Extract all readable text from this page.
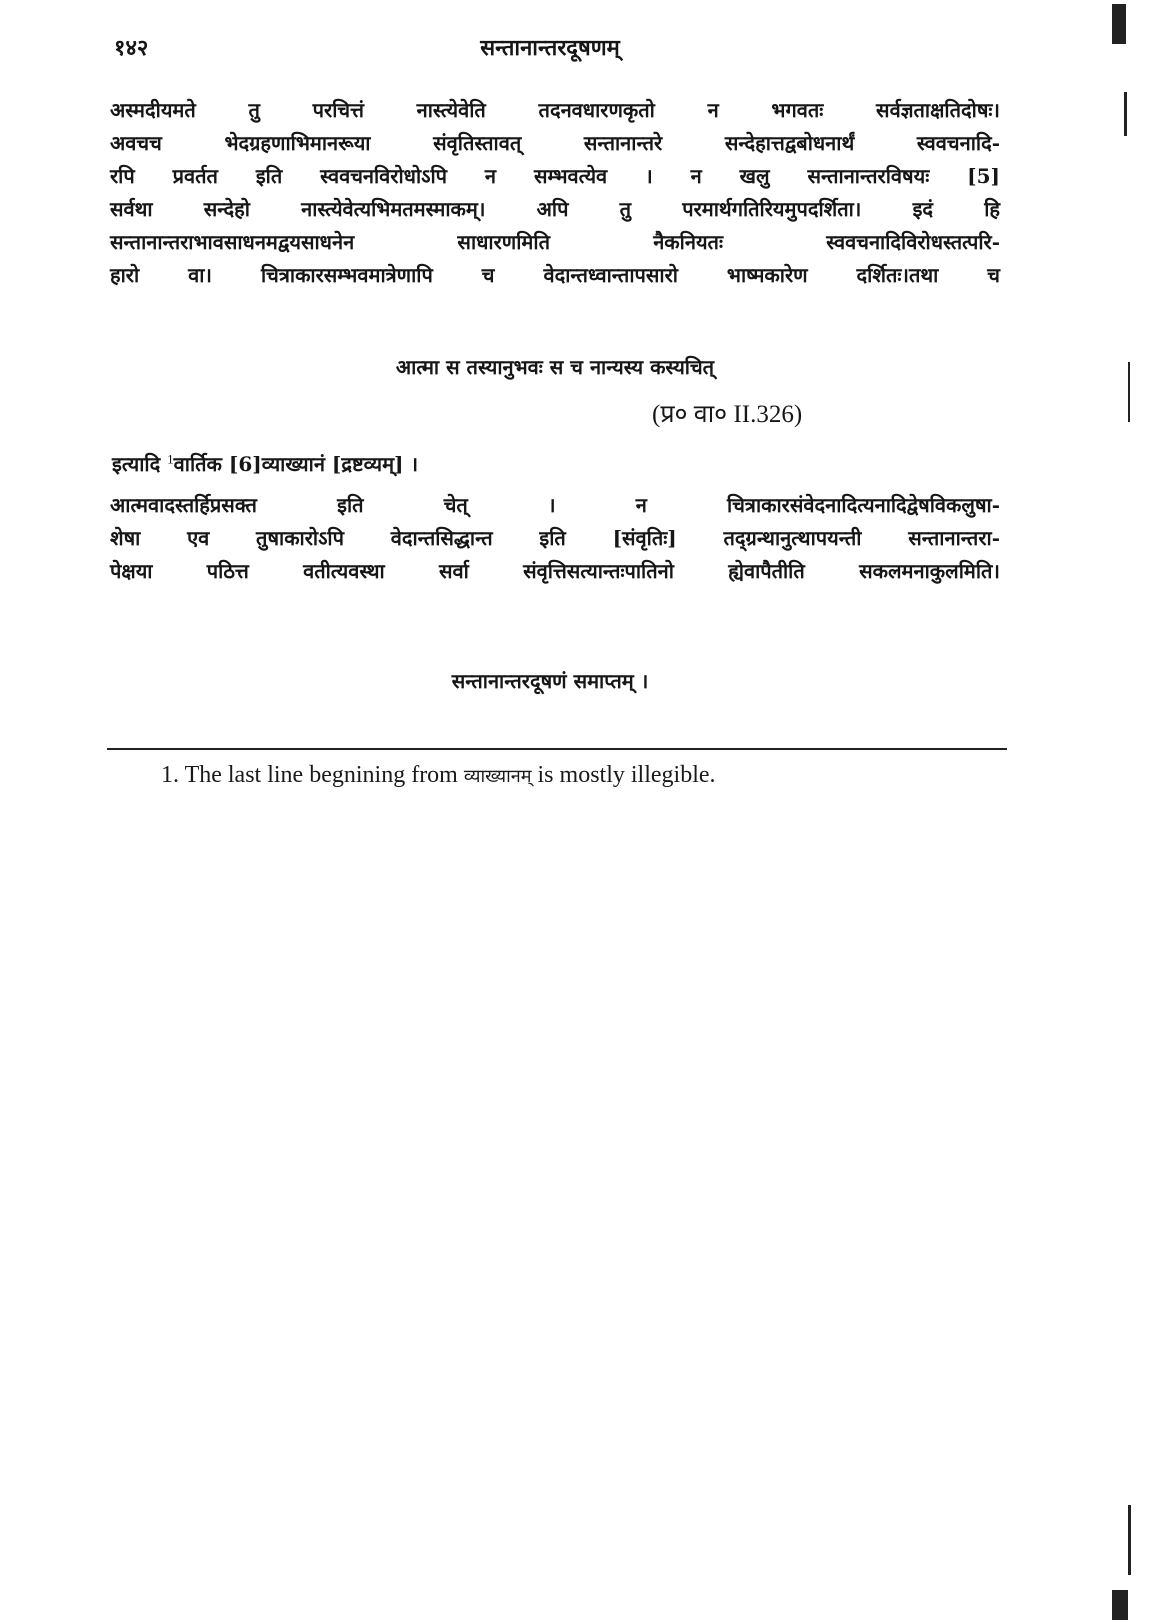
१४२	सन्तानान्तरदूषणम्
अस्मदीयमते तु परचित्तं नास्त्येवेति तदनवधारणकृतो न भगवतः सर्वज्ञताक्षतिदोषः।
अवचच भेदग्रहणाभिमानरूया संवृतिस्तावत् सन्तानान्तरे सन्देहात्तद्वबोधनार्थं स्ववचनादि-
रपि प्रवर्तत इति स्ववचनविरोधोऽपि न सम्भवत्येव । न खलु सन्तानान्तरविषयः [5]
सर्वथा सन्देहो नास्त्येवेत्यभिमतमस्माकम्। अपि तु परमार्थगतिरियमुपदर्शिता। इदं हि
सन्तानान्तराभावसाधनमद्वयसाधनेन साधारणमिति नैकनियतः स्ववचनादिविरोधस्तत्परि-
हारो वा। चित्राकारसम्भवमात्रेणापि च वेदान्तध्वान्तापसारो भाष्मकारेण दर्शितः।तथा च
आत्मा स तस्यानुभवः स च नान्यस्य कस्यचित्
(प्र० वा० II.326)
इत्यादि $^1$वार्तिक [6]व्याख्यानं [द्रष्टव्यम्] ।
आत्मवादस्तर्हिप्रसक्त इति चेत् । न चित्राकारसंवेदनादित्यनादिद्वेषविकलुषा-
शेषा एव तुषाकारोऽपि वेदान्तसिद्धान्त इति [संवृतिः] तद्ग्रन्थानुत्थापयन्ती सन्तानान्तरा-
पेक्षया पठित्त वतीत्यवस्था सर्वा संवृत्तिसत्यान्तःपातिनो ह्येवापैतीति सकलमनाकुलमिति।
सन्तानान्तरदूषणं समाप्तम् ।
1. The last line begnining from व्याख्यानम् is mostly illegible.
